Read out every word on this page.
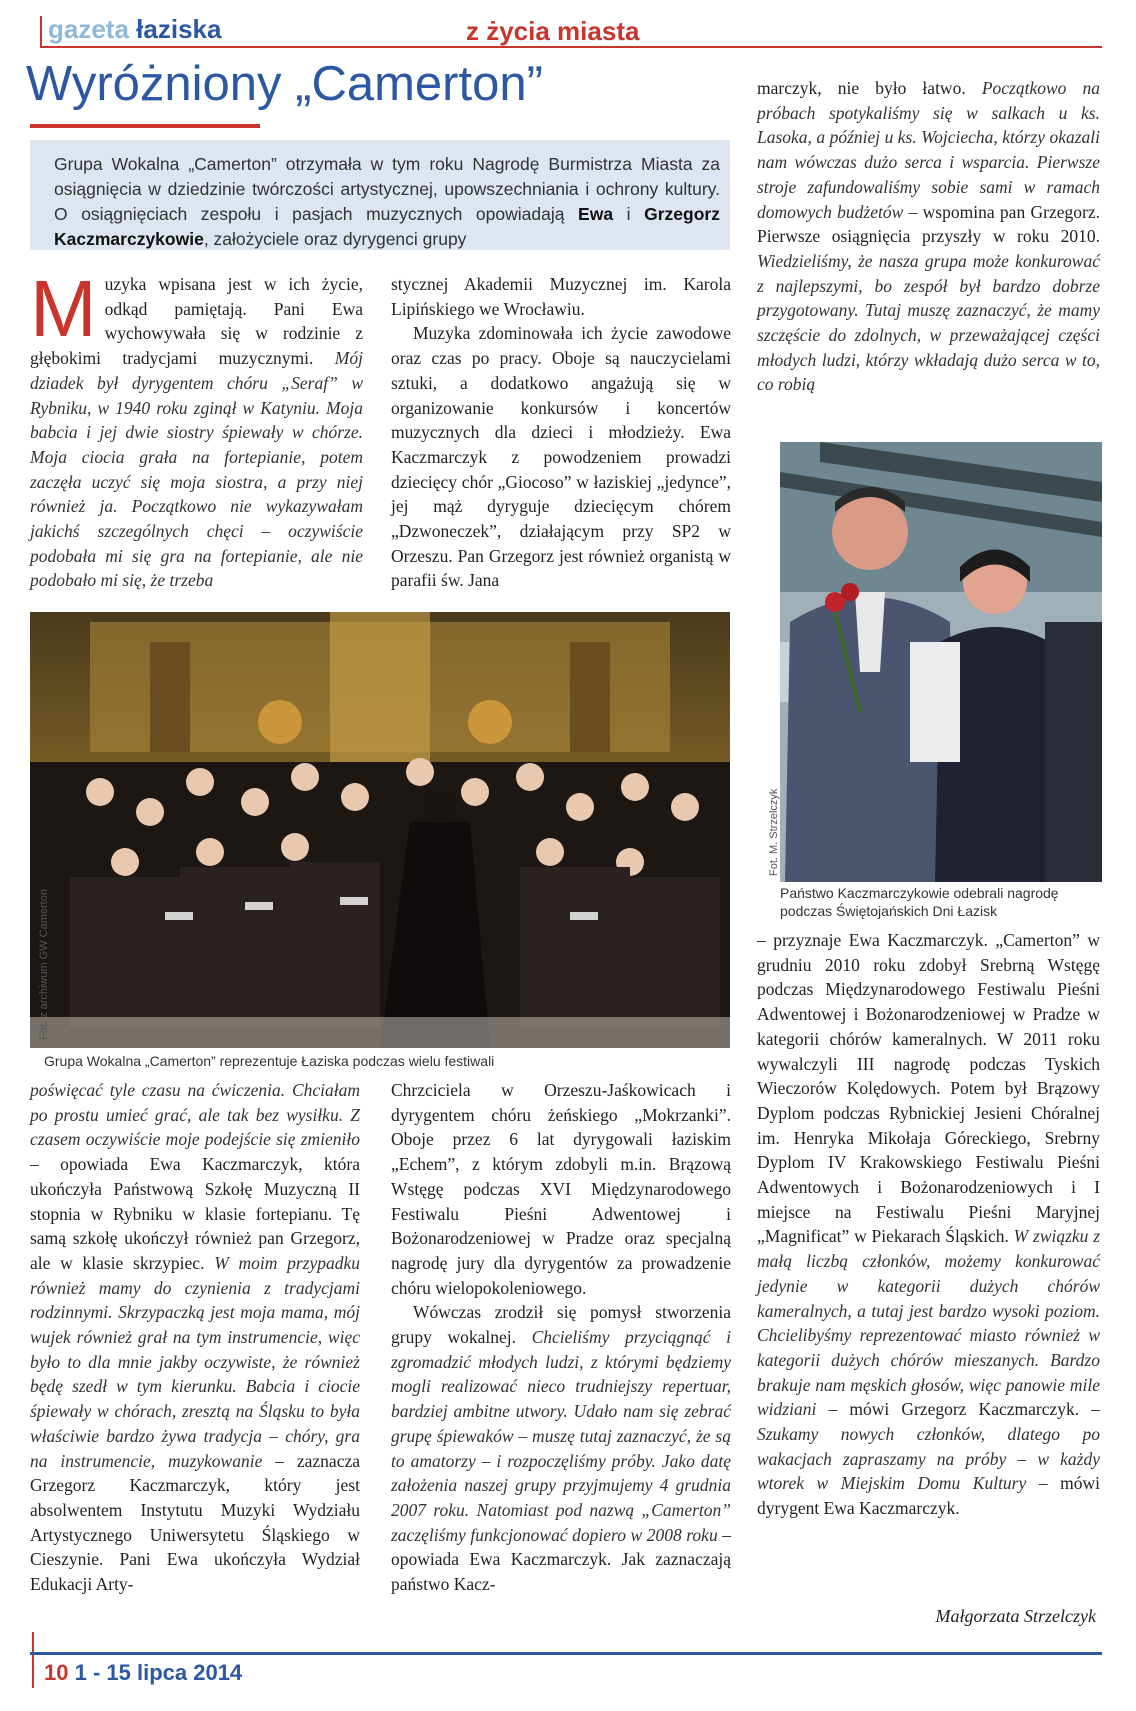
gazeta łaziska	z życia miasta
Wyróżniony „Camerton”
Grupa Wokalna „Camerton” otrzymała w tym roku Nagrodę Burmistrza Miasta za osiągnięcia w dziedzinie twórczości artystycznej, upowszechniania i ochrony kultury. O osiągnięciach zespołu i pasjach muzycznych opowiadają Ewa i Grzegorz Kaczmarczykowie, założyciele oraz dyrygenci grupy
Muzyka wpisana jest w ich życie, odkąd pamiętają. Pani Ewa wychowywała się w rodzinie z głębokimi tradycjami muzycznymi. Mój dziadek był dyrygentem chóru „Seraf” w Rybniku, w 1940 roku zginął w Katyniu. Moja babcia i jej dwie siostry śpiewały w chórze. Moja ciocia grała na fortepianie, potem zaczęła uczyć się moja siostra, a przy niej również ja. Początkowo nie wykazywałam jakichś szczególnych chęci – oczywiście podobała mi się gra na fortepianie, ale nie podobało mi się, że trzeba

stycznej Akademii Muzycznej im. Karola Lipińskiego we Wrocławiu.

Muzyka zdominowała ich życie zawodowe oraz czas po pracy. Oboje są nauczycielami sztuki, a dodatkowo angażują się w organizowanie konkursów i koncertów muzycznych dla dzieci i młodzieży. Ewa Kaczmarczyk z powodzeniem prowadzi dziecięcy chór „Giocoso” w łaziskiej „jedynce”, jej mąż dyryguje dziecięcym chórem „Dzwoneczek”, działającym przy SP2 w Orzeszu. Pan Grzegorz jest również organistą w parafii św. Jana

marczyk, nie było łatwo. Początkowo na próbach spotykaliśmy się w salkach u ks. Lasoka, a później u ks. Wojciecha, którzy okazali nam wówczas dużo serca i wsparcia. Pierwsze stroje zafundowaliśmy sobie sami w ramach domowych budżetów – wspomina pan Grzegorz. Pierwsze osiągnięcia przyszły w roku 2010. Wiedzieliśmy, że nasza grupa może konkurować z najlepszymi, bo zespół był bardzo dobrze przygotowany. Tutaj muszę zaznaczyć, że mamy szczęście do zdolnych, w przeważającej części młodych ludzi, którzy wkładają dużo serca w to, co robią
Fot. z archiwum GW Camerton
Grupa Wokalna „Camerton” reprezentuje Łaziska podczas wielu festiwali
Fot. M. Strzelczyk
Państwo Kaczmarczykowie odebrali nagrodę
podczas Świętojańskich Dni Łazisk
poświęcać tyle czasu na ćwiczenia. Chciałam po prostu umieć grać, ale tak bez wysiłku. Z czasem oczywiście moje podejście się zmieniło – opowiada Ewa Kaczmarczyk, która ukończyła Państwową Szkołę Muzyczną II stopnia w Rybniku w klasie fortepianu. Tę samą szkołę ukończył również pan Grzegorz, ale w klasie skrzypiec. W moim przypadku również mamy do czynienia z tradycjami rodzinnymi. Skrzypaczką jest moja mama, mój wujek również grał na tym instrumencie, więc było to dla mnie jakby oczywiste, że również będę szedł w tym kierunku. Babcia i ciocie śpiewały w chórach, zresztą na Śląsku to była właściwie bardzo żywa tradycja – chóry, gra na instrumencie, muzykowanie – zaznacza Grzegorz Kaczmarczyk, który jest absolwentem Instytutu Muzyki Wydziału Artystycznego Uniwersytetu Śląskiego w Cieszynie. Pani Ewa ukończyła Wydział Edukacji Arty-

Chrzciciela w Orzeszu-Jaśkowicach i dyrygentem chóru żeńskiego „Mokrzanki”. Oboje przez 6 lat dyrygowali łaziskim „Echem”, z którym zdobyli m.in. Brązową Wstęgę podczas XVI Międzynarodowego Festiwalu Pieśni Adwentowej i Bożonarodzeniowej w Pradze oraz specjalną nagrodę jury dla dyrygentów za prowadzenie chóru wielopokoleniowego.

Wówczas zrodził się pomysł stworzenia grupy wokalnej. Chcieliśmy przyciągnąć i zgromadzić młodych ludzi, z którymi będziemy mogli realizować nieco trudniejszy repertuar, bardziej ambitne utwory. Udało nam się zebrać grupę śpiewaków – muszę tutaj zaznaczyć, że są to amatorzy – i rozpoczęliśmy próby. Jako datę założenia naszej grupy przyjmujemy 4 grudnia 2007 roku. Natomiast pod nazwą „Camerton” zaczęliśmy funkcjonować dopiero w 2008 roku – opowiada Ewa Kaczmarczyk. Jak zaznaczają państwo Kacz-

– przyznaje Ewa Kaczmarczyk. „Camerton” w grudniu 2010 roku zdobył Srebrną Wstęgę podczas Międzynarodowego Festiwalu Pieśni Adwentowej i Bożonarodzeniowej w Pradze w kategorii chórów kameralnych. W 2011 roku wywalczyli III nagrodę podczas Tyskich Wieczorów Kolędowych. Potem był Brązowy Dyplom podczas Rybnickiej Jesieni Chóralnej im. Henryka Mikołaja Góreckiego, Srebrny Dyplom IV Krakowskiego Festiwalu Pieśni Adwentowych i Bożonarodzeniowych i I miejsce na Festiwalu Pieśni Maryjnej „Magnificat” w Piekarach Śląskich. W związku z małą liczbą członków, możemy konkurować jedynie w kategorii dużych chórów kameralnych, a tutaj jest bardzo wysoki poziom. Chcielibyśmy reprezentować miasto również w kategorii dużych chórów mieszanych. Bardzo brakuje nam męskich głosów, więc panowie mile widziani – mówi Grzegorz Kaczmarczyk. – Szukamy nowych członków, dlatego po wakacjach zapraszamy na próby – w każdy wtorek w Miejskim Domu Kultury – mówi dyrygent Ewa Kaczmarczyk.
Małgorzata Strzelczyk
10 1 - 15 lipca 2014
